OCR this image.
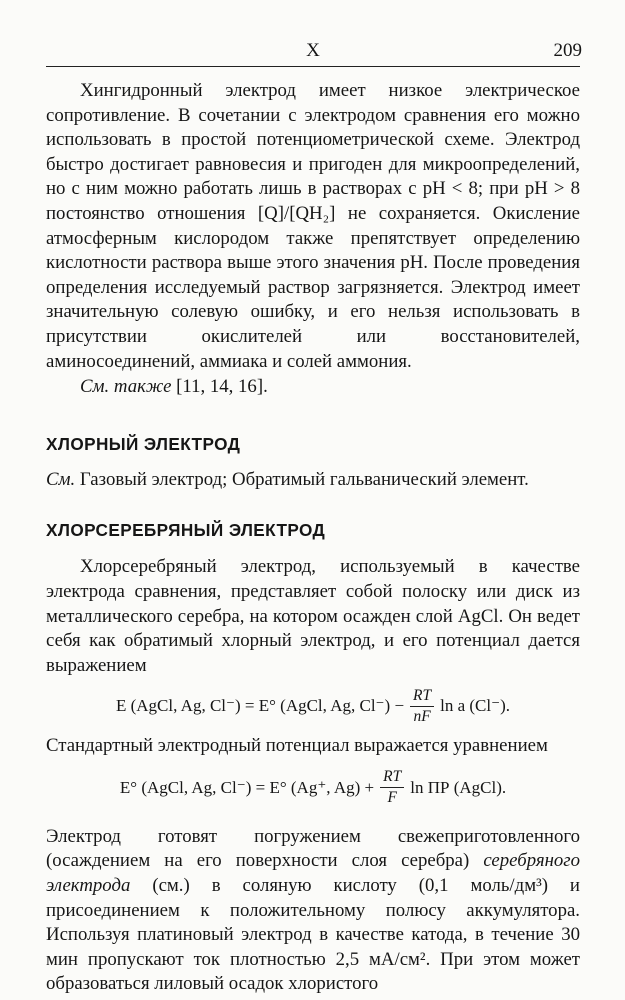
X	209

Хингидронный электрод имеет низкое электрическое сопротивление. В сочетании с электродом сравнения его можно использовать в простой потенциометрической схеме. Электрод быстро достигает равновесия и пригоден для микроопределений, но с ним можно работать лишь в растворах с pH < 8; при pH > 8 постоянство отношения [Q]/[QH₂] не сохраняется. Окисление атмосферным кислородом также препятствует определению кислотности раствора выше этого значения pH. После проведения определения исследуемый раствор загрязняется. Электрод имеет значительную солевую ошибку, и его нельзя использовать в присутствии окислителей или восстановителей, аминосоединений, аммиака и солей аммония.

См. также [11, 14, 16].

ХЛОРНЫЙ ЭЛЕКТРОД

См. Газовый электрод; Обратимый гальванический элемент.

ХЛОРСЕРЕБРЯНЫЙ ЭЛЕКТРОД

Хлорсеребряный электрод, используемый в качестве электрода сравнения, представляет собой полоску или диск из металлического серебра, на котором осажден слой AgCl. Он ведет себя как обратимый хлорный электрод, и его потенциал дается выражением

E (AgCl, Ag, Cl⁻) = E° (AgCl, Ag, $Cl^-) - \frac{RT}{nF}$ ln a (Cl⁻).

Стандартный электродный потенциал выражается уравнением

E° (AgCl, Ag, Cl⁻) = E° (Ag⁺, $Ag) + \frac{RT}{F}$ ln ПР (AgCl).

Электрод готовят погружением свежеприготовленного (осаждением на его поверхности слоя серебра) серебряного электрода (см.) в соляную кислоту (0,1 моль/дм³) и присоединением к положительному полюсу аккумулятора. Используя платиновый электрод в качестве катода, в течение 30 мин пропускают ток плотностью 2,5 мА/см². При этом может образоваться лиловый осадок хлористого
